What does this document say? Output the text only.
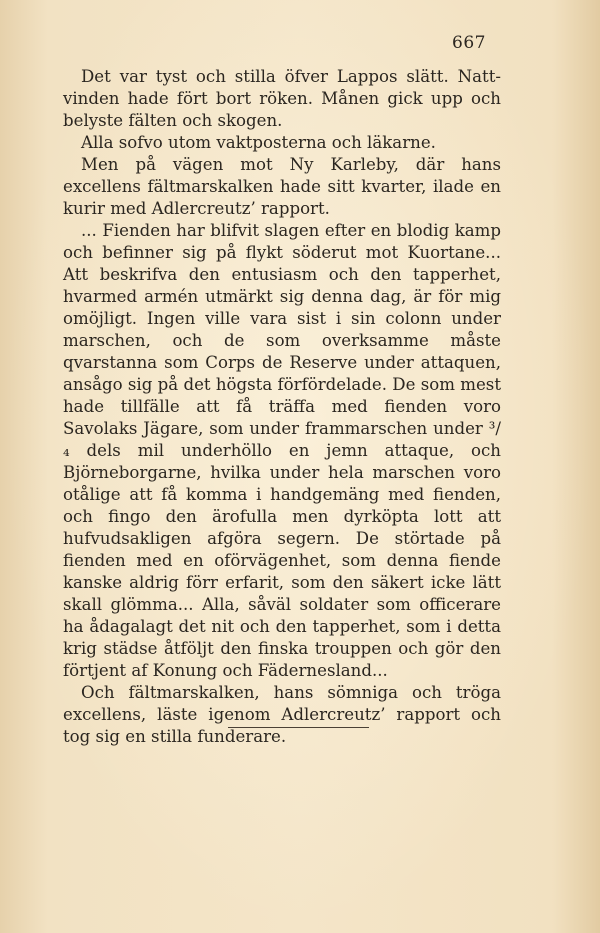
667

Det var tyst och stilla öfver Lappos slätt. Nattvinden hade fört bort röken. Månen gick upp och belyste fälten och skogen.

Alla sofvo utom vaktposterna och läkarne.

Men på vägen mot Ny Karleby, där hans excellens fältmarskalken hade sitt kvarter, ilade en kurir med Adlercreutz’ rapport.

... Fienden har blifvit slagen efter en blodig kamp och befinner sig på flykt söderut mot Kuortane... Att beskrifva den entusiasm och den tapperhet, hvarmed armén utmärkt sig denna dag, är för mig omöjligt. Ingen ville vara sist i sin colonn under marschen, och de som overksamme måste qvarstanna som Corps de Reserve under attaquen, ansågo sig på det högsta förfördelade. De som mest hade tillfälle att få träffa med fienden voro Savolaks Jägare, som under frammarschen under ³/₄ dels mil underhöllo en jemn attaque, och Björneborgarne, hvilka under hela marschen voro otålige att få komma i handgemäng med fienden, och fingo den ärofulla men dyrköpta lott att hufvudsakligen afgöra segern. De störtade på fienden med en oförvägenhet, som denna fiende kanske aldrig förr erfarit, som den säkert icke lätt skall glömma... Alla, såväl soldater som officerare ha ådagalagt det nit och den tapperhet, som i detta krig städse åtföljt den finska trouppen och gör den förtjent af Konung och Fädernesland...

Och fältmarskalken, hans sömniga och tröga excellens, läste igenom Adlercreutz’ rapport och tog sig en stilla funderare.
